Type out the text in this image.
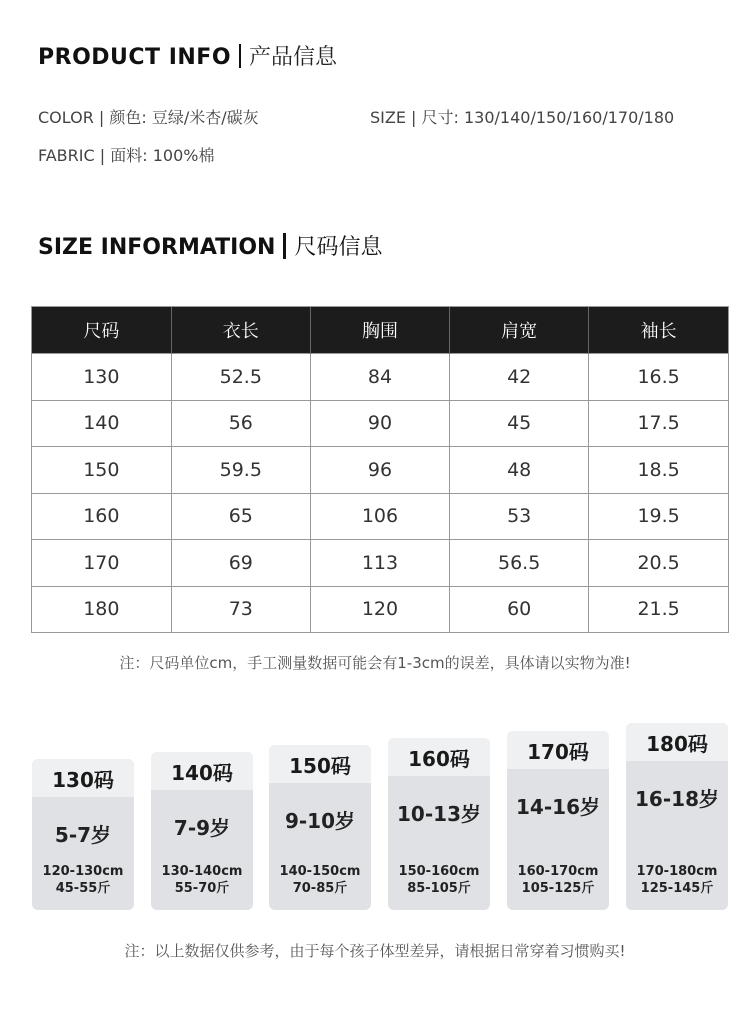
PRODUCT INFO 产品信息
COLOR | 颜色: 豆绿/米杏/碳灰	SIZE | 尺寸: 130/140/150/160/170/180
FABRIC | 面料: 100%棉
SIZE INFORMATION 尺码信息
尺码	衣长	胸围	肩宽	袖长
130	52.5	84	42	16.5
140	56	90	45	17.5
150	59.5	96	48	18.5
160	65	106	53	19.5
170	69	113	56.5	20.5
180	73	120	60	21.5
注：尺码单位cm，手工测量数据可能会有1-3cm的误差，具体请以实物为准!
130码
5-7岁
120-130cm
45-55斤
140码
7-9岁
130-140cm
55-70斤
150码
9-10岁
140-150cm
70-85斤
160码
10-13岁
150-160cm
85-105斤
170码
14-16岁
160-170cm
105-125斤
180码
16-18岁
170-180cm
125-145斤
注：以上数据仅供参考，由于每个孩子体型差异，请根据日常穿着习惯购买!
